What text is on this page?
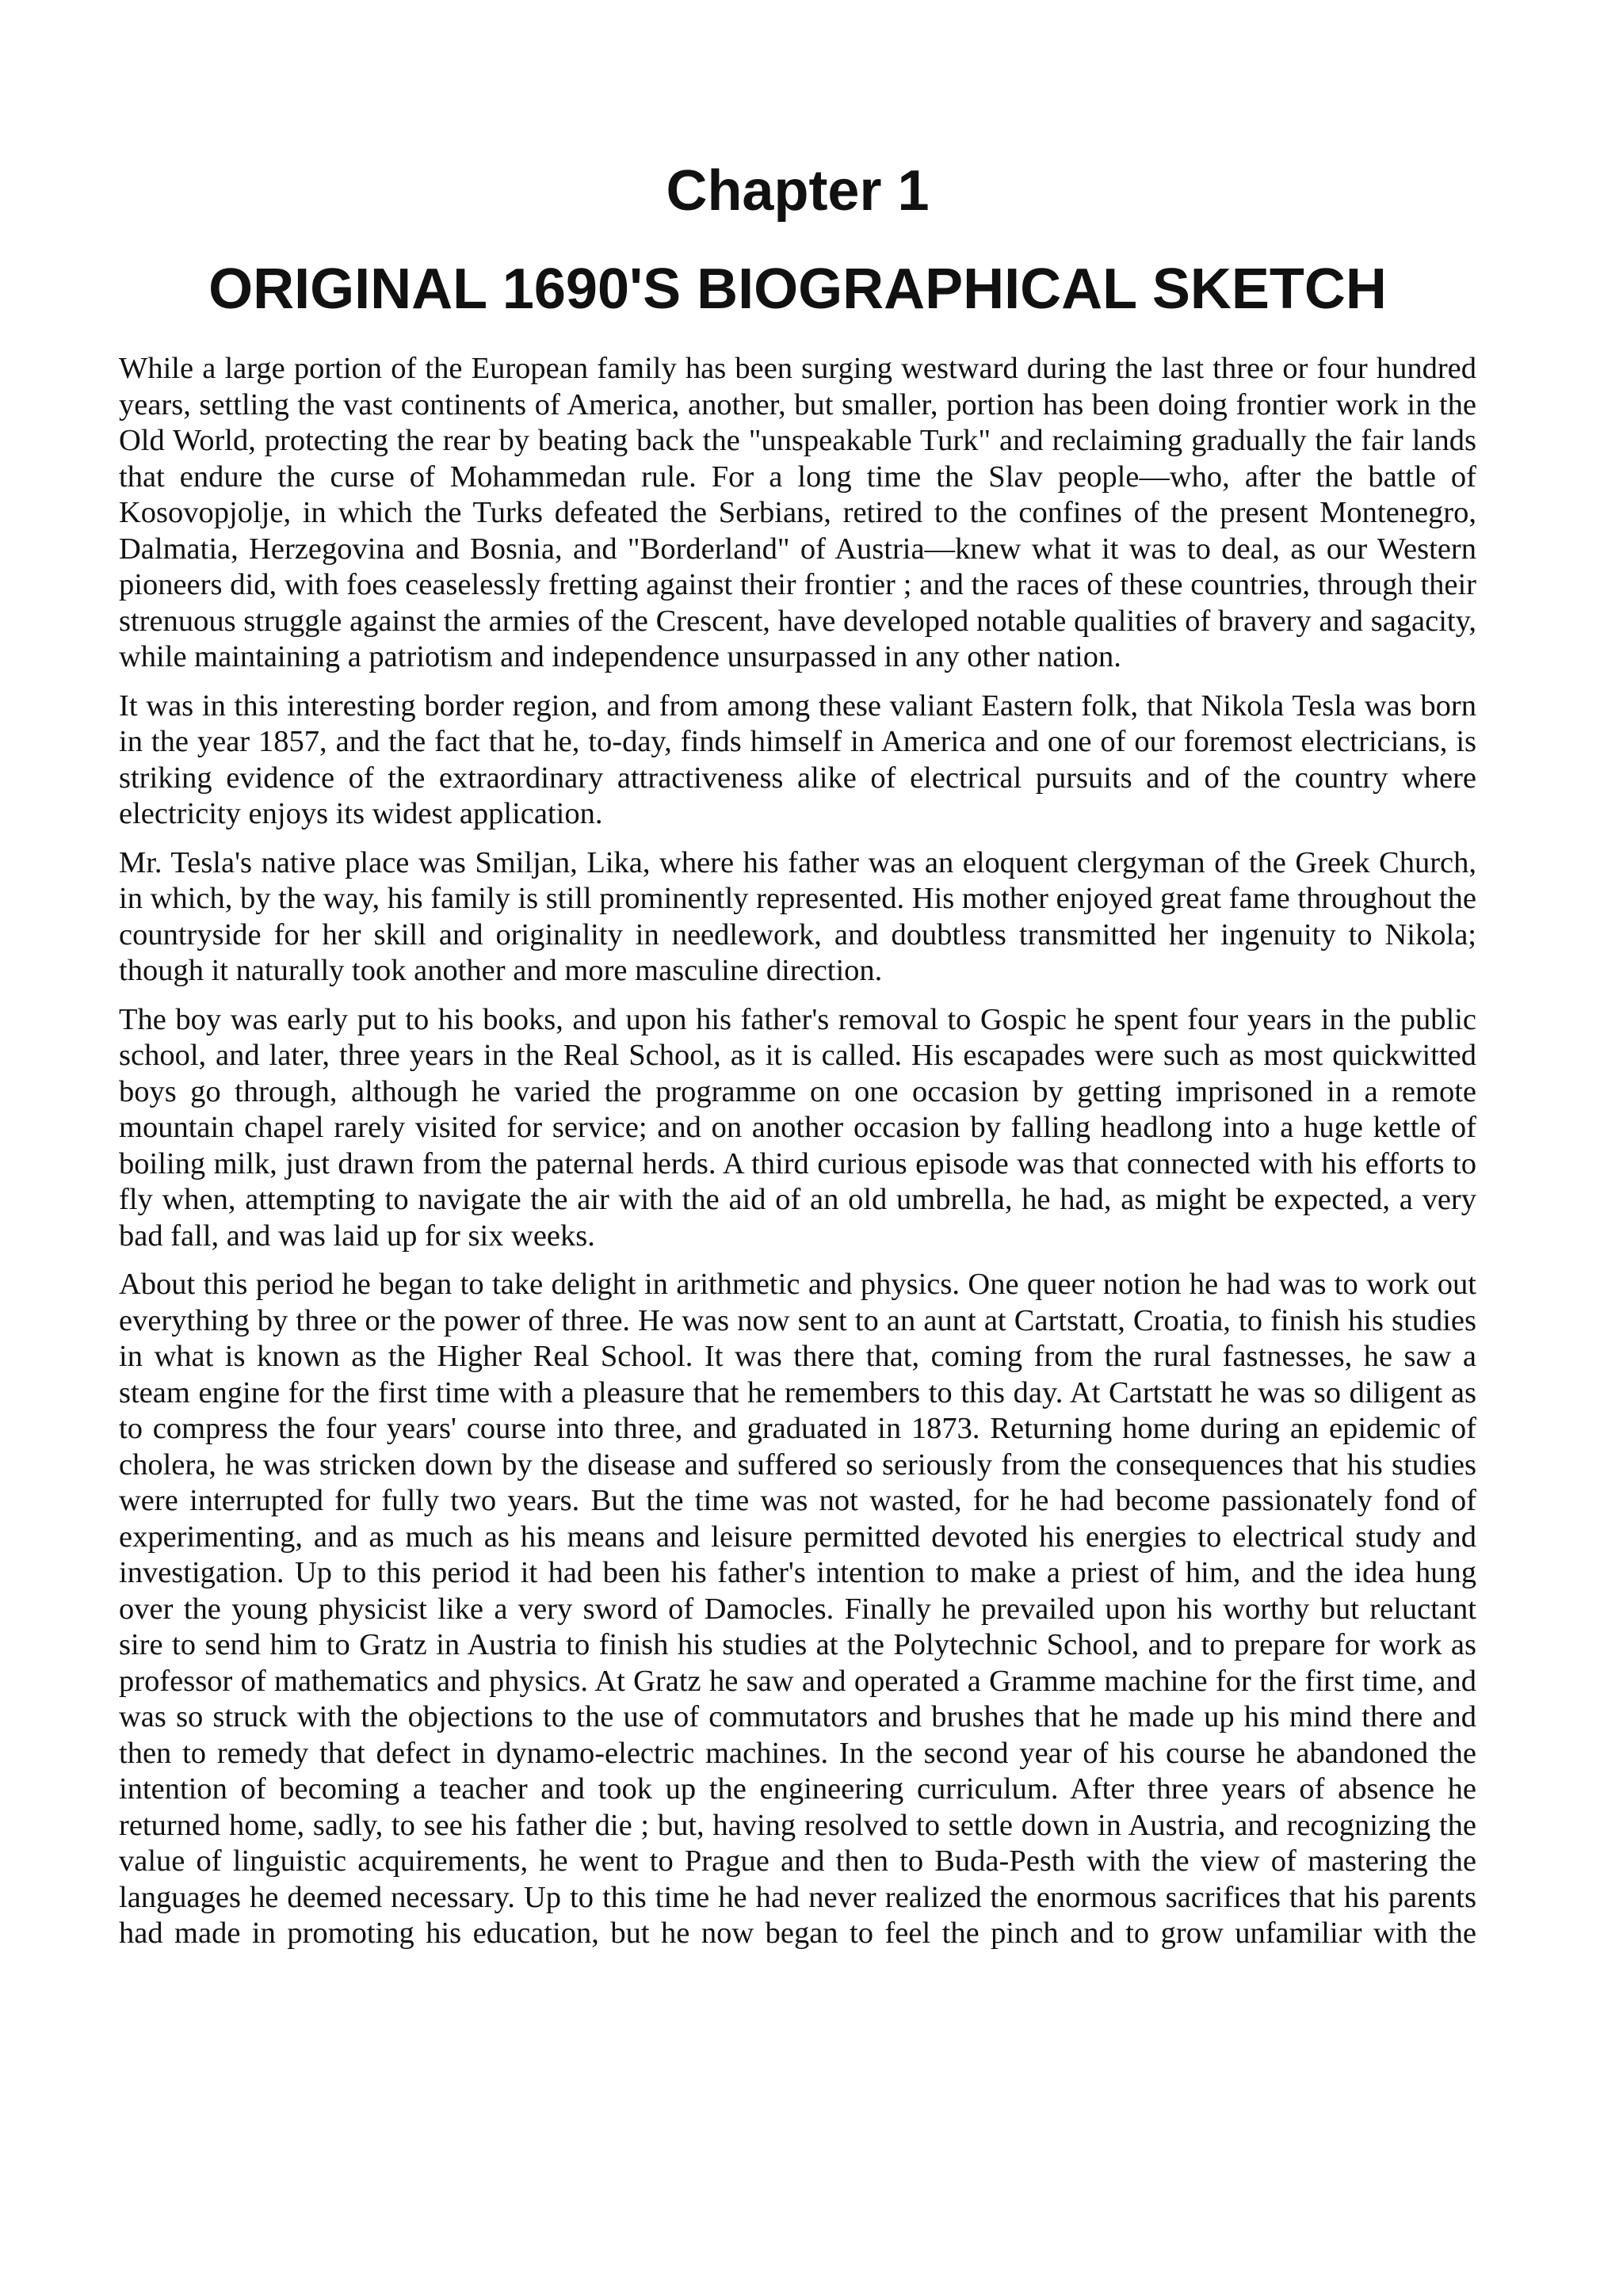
Chapter 1
ORIGINAL 1690'S BIOGRAPHICAL SKETCH

While a large portion of the European family has been surging westward during the last three or four hundred years, settling the vast continents of America, another, but smaller, portion has been doing frontier work in the Old World, protecting the rear by beating back the "unspeakable Turk" and reclaiming gradually the fair lands that endure the curse of Mohammedan rule. For a long time the Slav people—who, after the battle of Kosovopjolje, in which the Turks defeated the Serbians, retired to the confines of the present Montenegro, Dalmatia, Herzegovina and Bosnia, and "Borderland" of Austria—knew what it was to deal, as our Western pioneers did, with foes ceaselessly fretting against their frontier ; and the races of these countries, through their strenuous struggle against the armies of the Crescent, have developed notable qualities of bravery and sagacity, while maintaining a patriotism and independence unsurpassed in any other nation.

It was in this interesting border region, and from among these valiant Eastern folk, that Nikola Tesla was born in the year 1857, and the fact that he, to-day, finds himself in America and one of our foremost electricians, is striking evidence of the extraordinary attractiveness alike of electrical pursuits and of the country where electricity enjoys its widest application.

Mr. Tesla's native place was Smiljan, Lika, where his father was an eloquent clergyman of the Greek Church, in which, by the way, his family is still prominently represented. His mother enjoyed great fame throughout the countryside for her skill and originality in needlework, and doubtless transmitted her ingenuity to Nikola; though it naturally took another and more masculine direction.

The boy was early put to his books, and upon his father's removal to Gospic he spent four years in the public school, and later, three years in the Real School, as it is called. His escapades were such as most quickwitted boys go through, although he varied the programme on one occasion by getting imprisoned in a remote mountain chapel rarely visited for service; and on another occasion by falling headlong into a huge kettle of boiling milk, just drawn from the paternal herds. A third curious episode was that connected with his efforts to fly when, attempting to navigate the air with the aid of an old umbrella, he had, as might be expected, a very bad fall, and was laid up for six weeks.

About this period he began to take delight in arithmetic and physics. One queer notion he had was to work out everything by three or the power of three. He was now sent to an aunt at Cartstatt, Croatia, to finish his studies in what is known as the Higher Real School. It was there that, coming from the rural fastnesses, he saw a steam engine for the first time with a pleasure that he remembers to this day. At Cartstatt he was so diligent as to compress the four years' course into three, and graduated in 1873. Returning home during an epidemic of cholera, he was stricken down by the disease and suffered so seriously from the consequences that his studies were interrupted for fully two years. But the time was not wasted, for he had become passionately fond of experimenting, and as much as his means and leisure permitted devoted his energies to electrical study and investigation. Up to this period it had been his father's intention to make a priest of him, and the idea hung over the young physicist like a very sword of Damocles. Finally he prevailed upon his worthy but reluctant sire to send him to Gratz in Austria to finish his studies at the Polytechnic School, and to prepare for work as professor of mathematics and physics. At Gratz he saw and operated a Gramme machine for the first time, and was so struck with the objections to the use of commutators and brushes that he made up his mind there and then to remedy that defect in dynamo-electric machines. In the second year of his course he abandoned the intention of becoming a teacher and took up the engineering curriculum. After three years of absence he returned home, sadly, to see his father die ; but, having resolved to settle down in Austria, and recognizing the value of linguistic acquirements, he went to Prague and then to Buda-Pesth with the view of mastering the languages he deemed necessary. Up to this time he had never realized the enormous sacrifices that his parents had made in promoting his education, but he now began to feel the pinch and to grow unfamiliar with the
